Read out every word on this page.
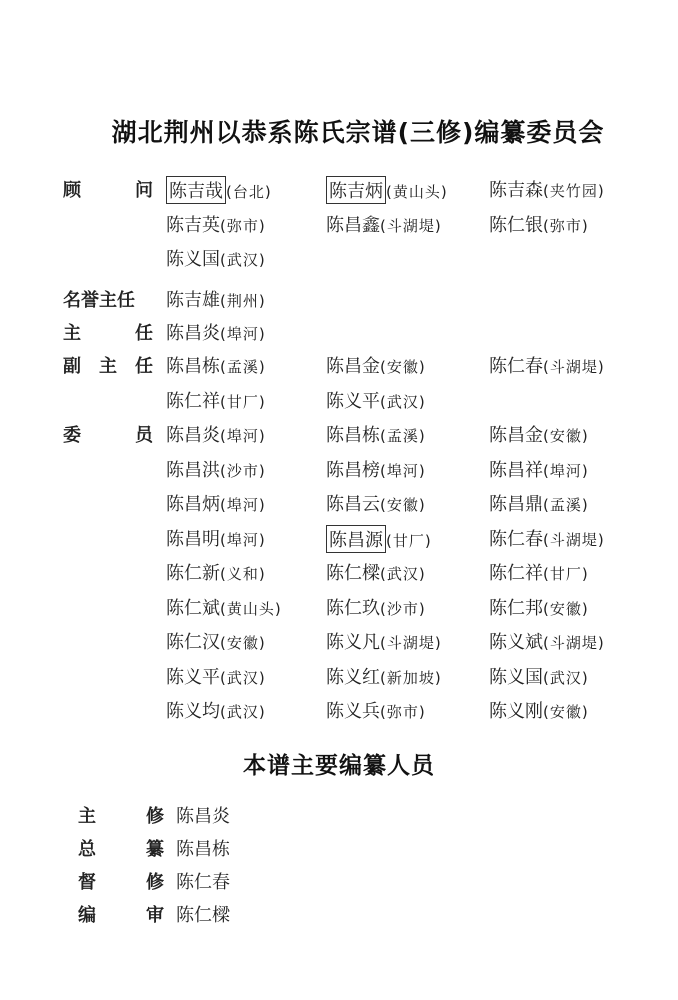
湖北荆州以恭系陈氏宗谱(三修)编纂委员会
顾	问 陈吉哉 (台北)	陈吉炳 (黄山头) 陈吉森(夹竹园)
陈吉英(弥市)	陈昌鑫(斗湖堤)	陈仁银(弥市)
陈义国(武汉)
名誉主任 陈吉雄(荆州)
主	任 陈昌炎(埠河)
副 主 任 陈昌栋(孟溪)	陈昌金(安徽)	陈仁春(斗湖堤)
陈仁祥(甘厂)	陈义平(武汉)
委	员 陈昌炎(埠河)	陈昌栋(孟溪)	陈昌金(安徽)
陈昌洪(沙市)	陈昌榜(埠河)	陈昌祥(埠河)
陈昌炳(埠河)	陈昌云(安徽)	陈昌鼎(孟溪)
陈昌明(埠河)	陈昌源 (甘厂)	陈仁春(斗湖堤)
陈仁新(义和)	陈仁樑(武汉)	陈仁祥(甘厂)
陈仁斌(黄山头) 陈仁玖(沙市)	陈仁邦(安徽)
陈仁汉(安徽)	陈义凡(斗湖堤)	陈义斌(斗湖堤)
陈义平(武汉)	陈义红(新加坡)	陈义国(武汉)
陈义均(武汉)	陈义兵(弥市)	陈义刚(安徽)
本谱主要编纂人员
主	修 陈昌炎
总	纂 陈昌栋
督	修 陈仁春
编	审 陈仁樑
